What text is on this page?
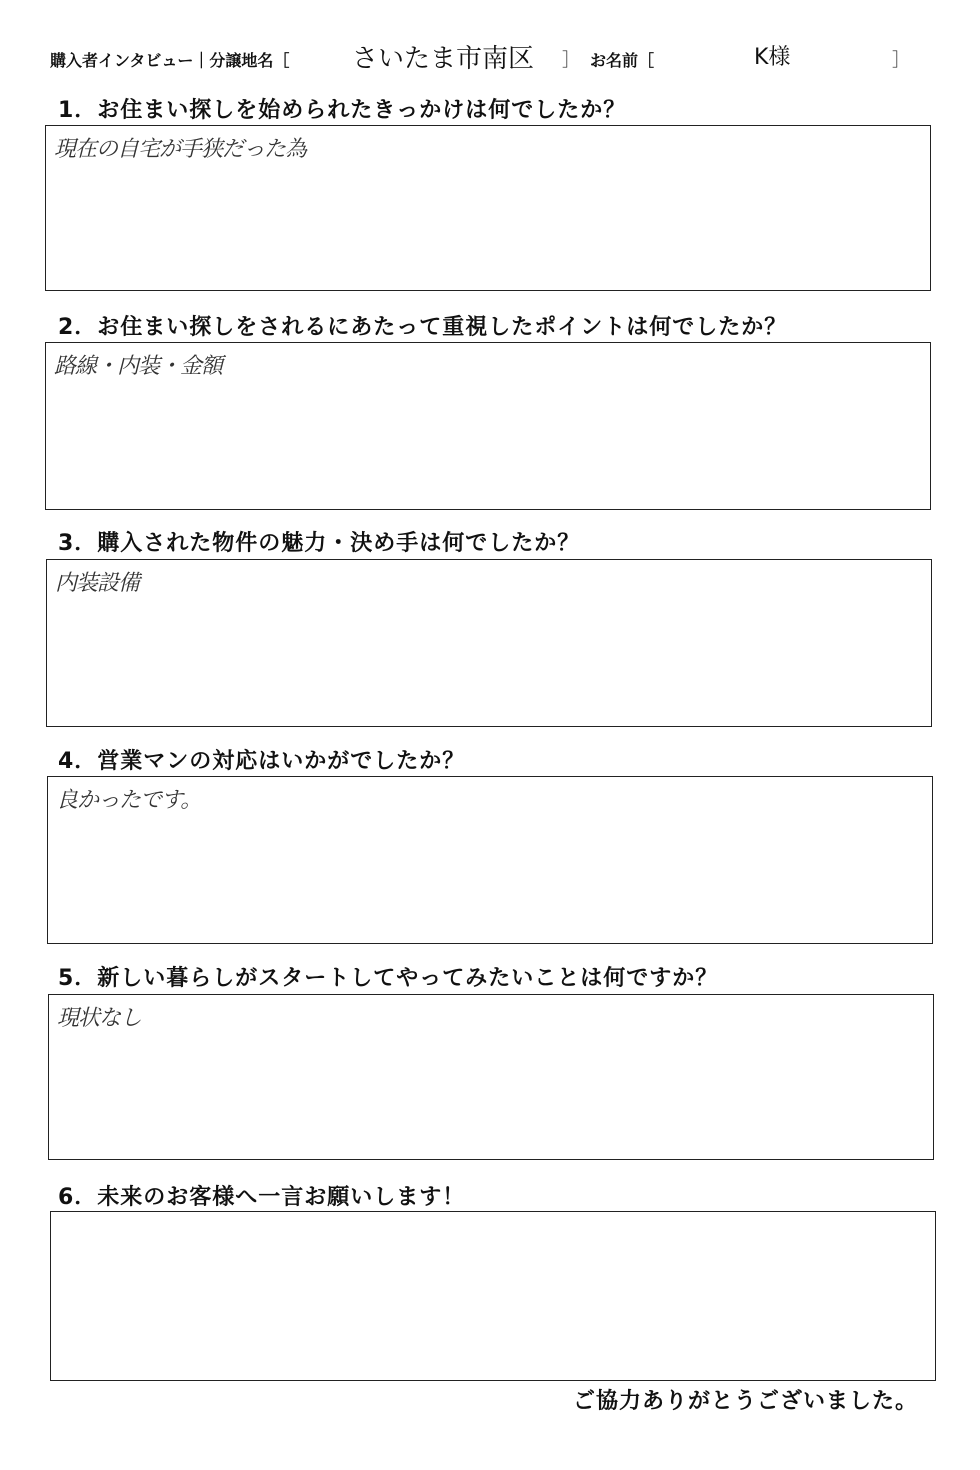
購入者インタビュー｜分譲地名［ さいたま市南区 ］ お名前［	K様	］
1．お住まい探しを始められたきっかけは何でしたか？
現在の自宅が手狭だった為
2．お住まい探しをされるにあたって重視したポイントは何でしたか？
路線・内装・金額
3．購入された物件の魅力・決め手は何でしたか？
内装設備
4．営業マンの対応はいかがでしたか？
良かったです。
5．新しい暮らしがスタートしてやってみたいことは何ですか？
現状なし
6．未来のお客様へ一言お願いします！
ご協力ありがとうございました。
